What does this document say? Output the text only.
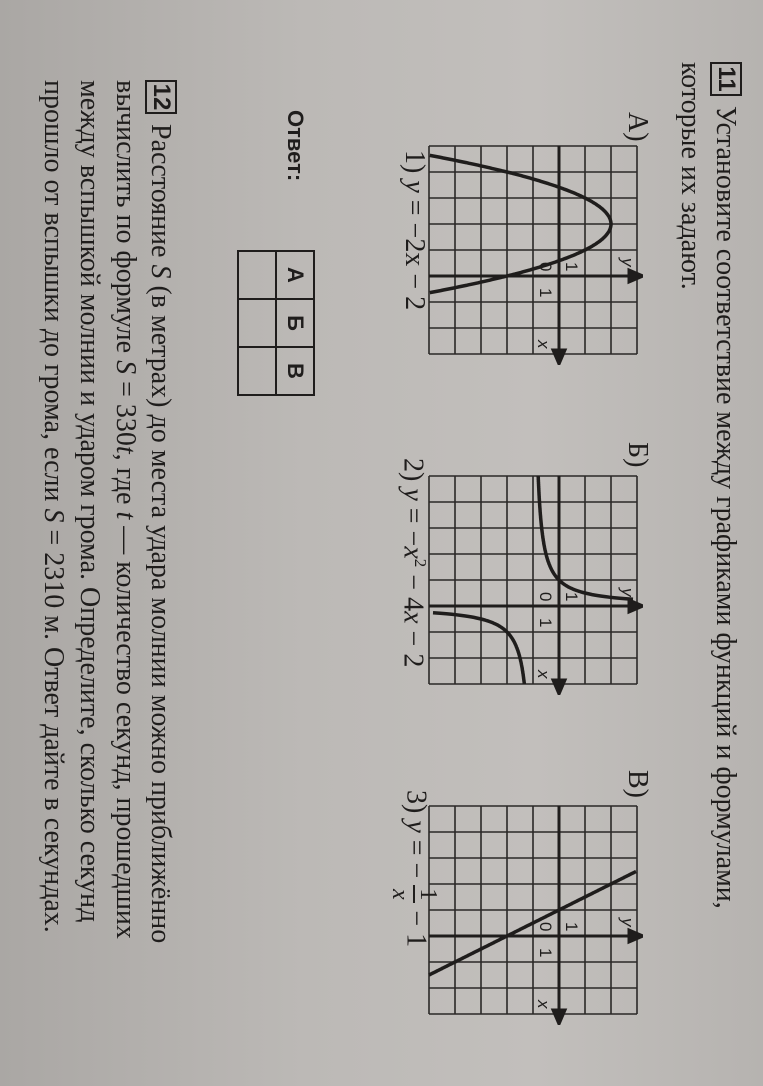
11
Установите соответствие между графиками функций и формулами,
которые их задают.
А)
Б)
В)
y
x
0
1
1
y
x
0
1
1
y
x
0
1
1
1) y = −2x − 2
2) $y = -x^2 - 4x - 2$
3) y = −
1
x
− 1
Ответ:
А	Б	В

12
Расстояние S (в метрах) до места удара молнии можно приближённо
вычислить по формуле S = 330t, где t — количество секунд, прошедших
между вспышкой молнии и ударом грома. Определите, сколько секунд
прошло от вспышки до грома, если S = 2310 м. Ответ дайте в секундах.
